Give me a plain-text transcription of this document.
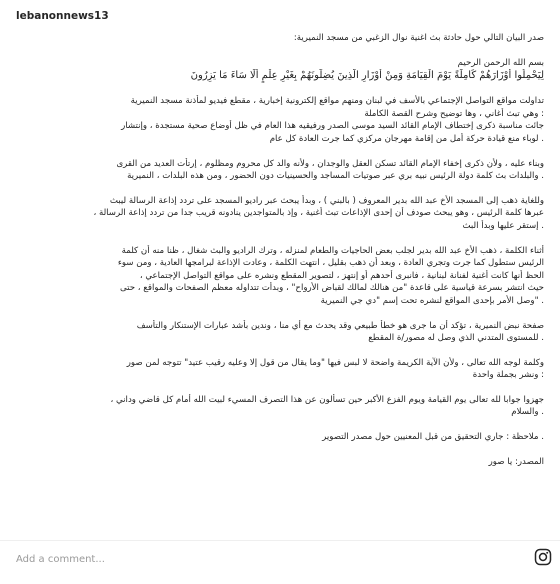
lebanonnews13
صدر البيان التالي حول حادثة بث اغنية نوال الزغبي من مسجد النميرية:
بسم الله الرحمن الرحيم
لِيَحْمِلُوا أَوْزَارَهُمْ كَامِلَةً يَوْمَ الْقِيَامَةِ وَمِنْ أَوْزَارِ الَّذِينَ يُضِلُّونَهُمْ بِغَيْرِ عِلْمٍ أَلَا سَاءَ مَا يَزِرُونَ
تداولت مواقع التواصل الإجتماعي بالأسف في لبنان ومنهم مواقع إلكترونية إخبارية ، مقطع فيديو لمأذنة مسجد النميرية
: وهي تبث أغاني ، وها توضيح وشرح القصة الكاملة
جائت مناسبة ذكرى إختطاف الإمام القائد السيد موسى الصدر ورفيقيه هذا العام في ظل أوضاع صحية مستجدة ، وإنتشار
. لوباء منع قيادة حركة أمل من إقامة مهرجان مركزي كما جرت العادة كل عام
وبناء عليه ، ولأن ذكرى إخفاء الإمام القائد تسكن العقل والوجدان ، ولأنه والد كل محروم ومظلوم ، إرتأت العديد من القرى
. والبلدات بث كلمة دولة الرئيس نبيه بري عبر صوتيات المساجد والحسينيات دون الحضور ، ومن هذه البلدات ، النميرية
وللغاية ذهب إلى المسجد الأخ عبد الله بدير المعروف ( بالبني ) ، وبدأ يبحث عبر راديو المسجد على تردد إذاعة الرسالة ليبث
عبرها كلمة الرئيس ، وهو يبحث صودف أن إحدى الإذاعات تبث أغنية ، وإذ بالمتواجدين ينادونه قريب جدا من تردد إذاعة الرسالة ،
. إستقر عليها وبدأ البث
أثناء الكلمة ، ذهب الأخ عبد الله بدير لجلب بعض الحاجيات والطعام لمنزله ، وترك الراديو والبث شغال ، ظنا منه أن كلمة
الرئيس ستطول كما جرت وتجري العادة ، وبعد أن ذهب بقليل ، انتهت الكلمة ، وعادت الإذاعة لبرامجها العادية ، ومن سوء
الحظ أنها كانت أغنية لفنانة لبنانية ، فانبرى أحدهم أو إنتهز ، لتصوير المقطع ونشره على مواقع التواصل الإجتماعي ،
حيث انتشر بسرعة قياسية على قاعدة "من هنالك لمالك لقباض الأرواح" ، وبدأت تتداوله معظم الصفحات والمواقع ، حتى
. "وصل الأمر بإحدى المواقع لنشره تحت إسم "دي جي النميرية
صفحة نبض النميرية ، تؤكد أن ما جرى هو خطأ طبيعي وقد يحدث مع أي منا ، وندين بأشد عبارات الإستنكار والتأسف
. للمستوى المتدني الذي وصل له مصور/ة المقطع
وكلمة لوجه الله تعالى ، ولأن الآية الكريمة واضحة لا لبس فيها "وما يقال من قول إلا وعليه رقيب عتيد" تتوجه لمن صور
: ونشر بجملة واحدة
جهزوا جوابا لله تعالى يوم القيامة ويوم الفزع الأكبر حين تسألون عن هذا التصرف المسيء لبيت الله أمام كل قاضي وداني ،
. والسلام
. ملاحظة : جاري التحقيق من قبل المعنيين حول مصدر التصوير
المصدر: يا صور
Add a comment...
